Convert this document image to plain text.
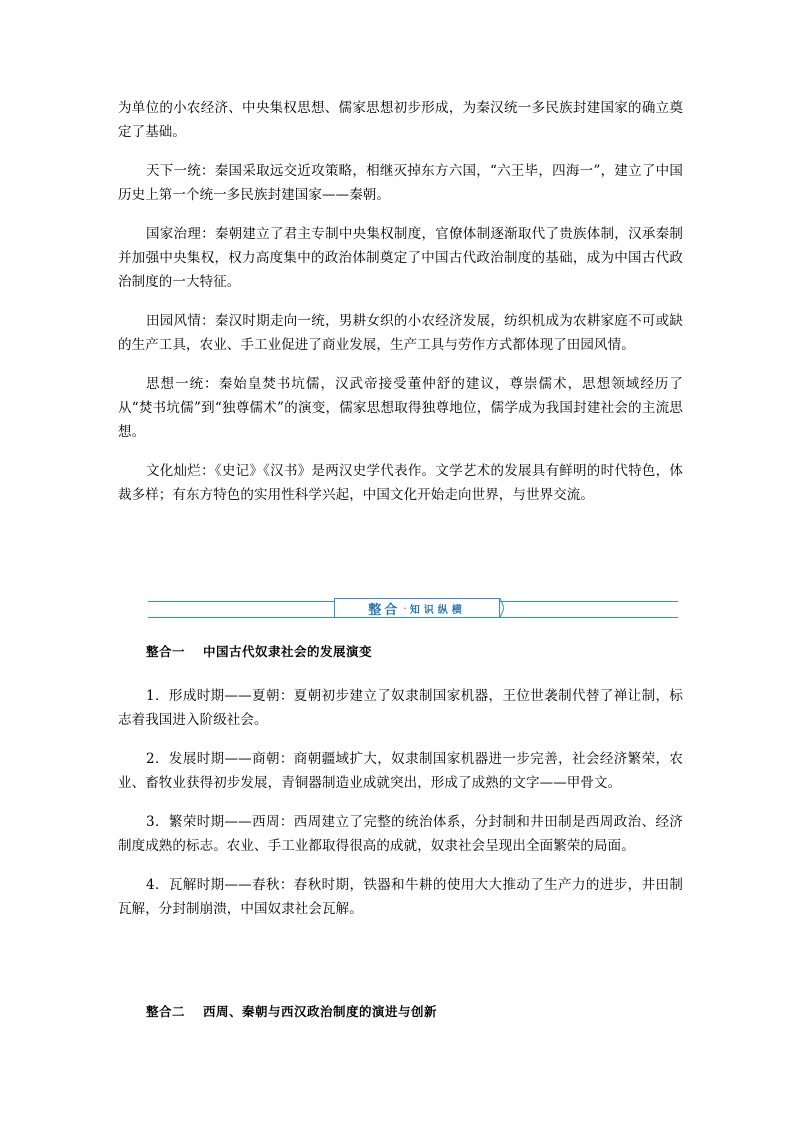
为单位的小农经济、中央集权思想、儒家思想初步形成，为秦汉统一多民族封建国家的确立奠定了基础。

天下一统：秦国采取远交近攻策略，相继灭掉东方六国，“六王毕，四海一”，建立了中国历史上第一个统一多民族封建国家——秦朝。

国家治理：秦朝建立了君主专制中央集权制度，官僚体制逐渐取代了贵族体制，汉承秦制并加强中央集权，权力高度集中的政治体制奠定了中国古代政治制度的基础，成为中国古代政治制度的一大特征。

田园风情：秦汉时期走向一统，男耕女织的小农经济发展，纺织机成为农耕家庭不可或缺的生产工具，农业、手工业促进了商业发展，生产工具与劳作方式都体现了田园风情。

思想一统：秦始皇焚书坑儒，汉武帝接受董仲舒的建议，尊崇儒术，思想领域经历了从“焚书坑儒”到“独尊儒术”的演变，儒家思想取得独尊地位，儒学成为我国封建社会的主流思想。

文化灿烂：《史记》《汉书》是两汉史学代表作。文学艺术的发展具有鲜明的时代特色，体裁多样；有东方特色的实用性科学兴起，中国文化开始走向世界，与世界交流。

整合 · 知识纵横
整合一 中国古代奴隶社会的发展演变

1．形成时期——夏朝：夏朝初步建立了奴隶制国家机器，王位世袭制代替了禅让制，标志着我国进入阶级社会。

2．发展时期——商朝：商朝疆域扩大，奴隶制国家机器进一步完善，社会经济繁荣，农业、畜牧业获得初步发展，青铜器制造业成就突出，形成了成熟的文字——甲骨文。

3．繁荣时期——西周：西周建立了完整的统治体系，分封制和井田制是西周政治、经济制度成熟的标志。农业、手工业都取得很高的成就，奴隶社会呈现出全面繁荣的局面。

4．瓦解时期——春秋：春秋时期，铁器和牛耕的使用大大推动了生产力的进步，井田制瓦解，分封制崩溃，中国奴隶社会瓦解。

整合二 西周、秦朝与西汉政治制度的演进与创新
